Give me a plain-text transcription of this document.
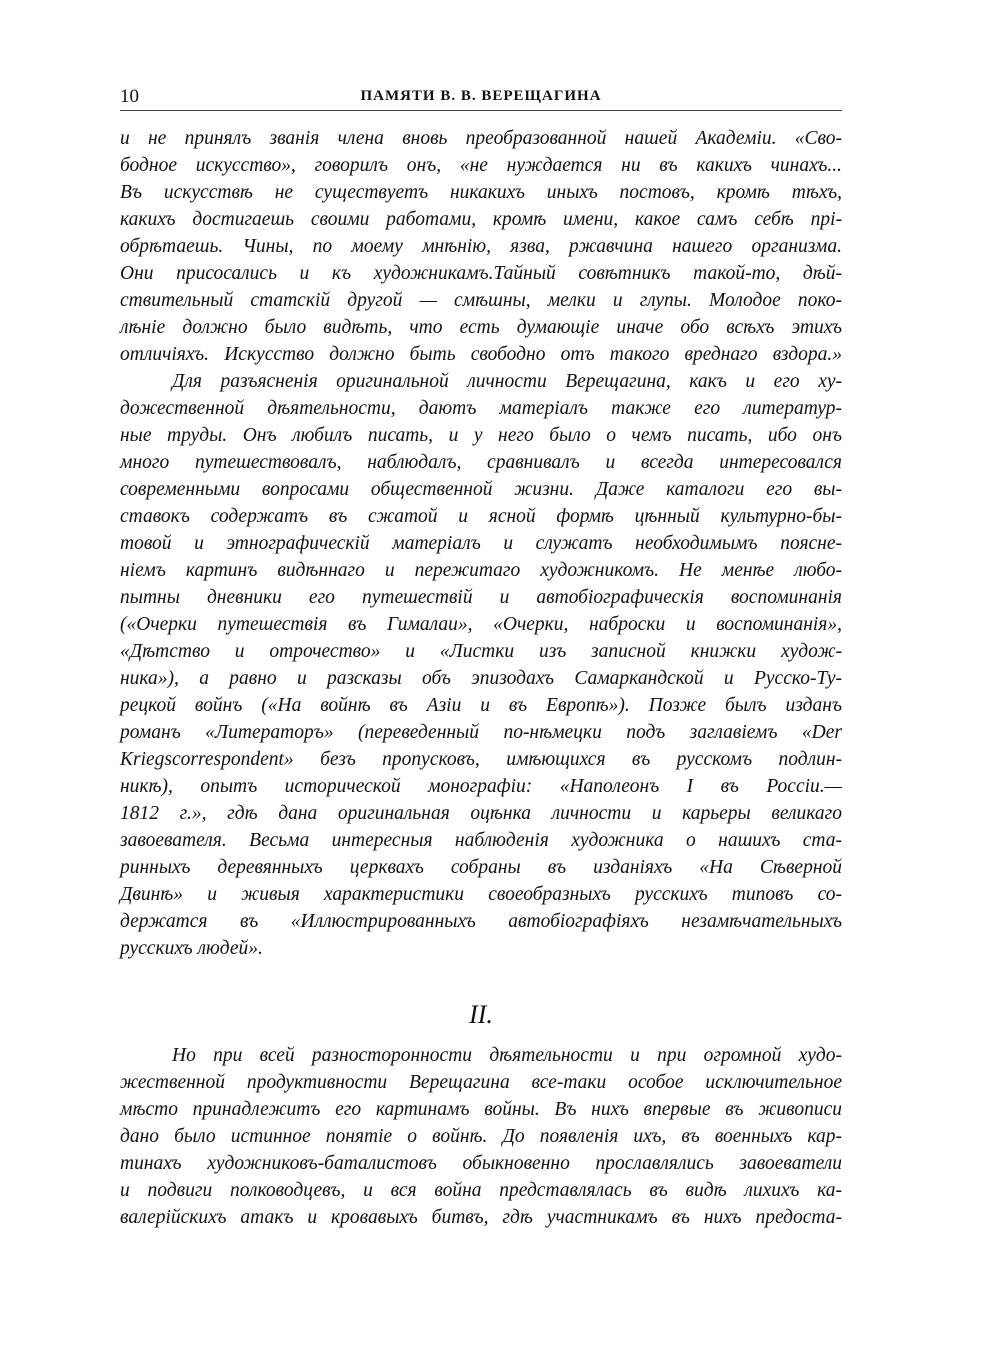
10	ПАМЯТИ В. В. ВЕРЕЩАГИНА
и не принялъ званія члена вновь преобразованной нашей Академіи. «Сво-
бодное искусство», говорилъ онъ, «не нуждается ни въ какихъ чинахъ...
Въ искусствѣ не существуетъ никакихъ иныхъ постовъ, кромѣ тѣхъ,
какихъ достигаешь своими работами, кромѣ имени, какое самъ себѣ прі-
обрѣтаешь. Чины, по моему мнѣнію, язва, ржавчина нашего организма.
Они присосались и къ художникамъ.Тайный совѣтникъ такой-то, дѣй-
ствительный статскій другой — смѣшны, мелки и глупы. Молодое поко-
лѣніе должно было видѣть, что есть думающіе иначе обо всѣхъ этихъ
отличіяхъ. Искусство должно быть свободно отъ такого вреднаго вздора.»
Для разъясненія оригинальной личности Верещагина, какъ и его ху-
дожественной дѣятельности, даютъ матеріалъ также его литератур-
ные труды. Онъ любилъ писать, и у него было о чемъ писать, ибо онъ
много путешествовалъ, наблюдалъ, сравнивалъ и всегда интересовался
современными вопросами общественной жизни. Даже каталоги его вы-
ставокъ содержатъ въ сжатой и ясной формѣ цѣнный культурно-бы-
товой и этнографическій матеріалъ и служатъ необходимымъ поясне-
ніемъ картинъ видѣннаго и пережитаго художникомъ. Не менѣе любо-
пытны дневники его путешествій и автобіографическія воспоминанія
(«Очерки путешествія въ Гималаи», «Очерки, наброски и воспоминанія»,
«Дѣтство и отрочество» и «Листки изъ записной книжки худож-
ника»), а равно и разсказы объ эпизодахъ Самаркандской и Русско-Ту-
рецкой войнъ («На войнѣ въ Азіи и въ Европѣ»). Позже былъ изданъ
романъ «Литераторъ» (переведенный по-нѣмецки подъ заглавіемъ «Der
Kriegscorrespondent» безъ пропусковъ, имѣющихся въ русскомъ подлин-
никѣ), опытъ исторической монографіи: «Наполеонъ I въ Россіи.—
1812 г.», гдѣ дана оригинальная оцѣнка личности и карьеры великаго
завоевателя. Весьма интересныя наблюденія художника о нашихъ ста-
ринныхъ деревянныхъ церквахъ собраны въ изданіяхъ «На Сѣверной
Двинѣ» и живыя характеристики своеобразныхъ русскихъ типовъ со-
держатся въ «Иллюстрированныхъ автобіографіяхъ незамѣчательныхъ
русскихъ людей».
II.
Но при всей разносторонности дѣятельности и при огромной худо-
жественной продуктивности Верещагина все-таки особое исключительное
мѣсто принадлежитъ его картинамъ войны. Въ нихъ впервые въ живописи
дано было истинное понятіе о войнѣ. До появленія ихъ, въ военныхъ кар-
тинахъ художниковъ-баталистовъ обыкновенно прославлялись завоеватели
и подвиги полководцевъ, и вся война представлялась въ видѣ лихихъ ка-
валерійскихъ атакъ и кровавыхъ битвъ, гдѣ участникамъ въ нихъ предоста-
